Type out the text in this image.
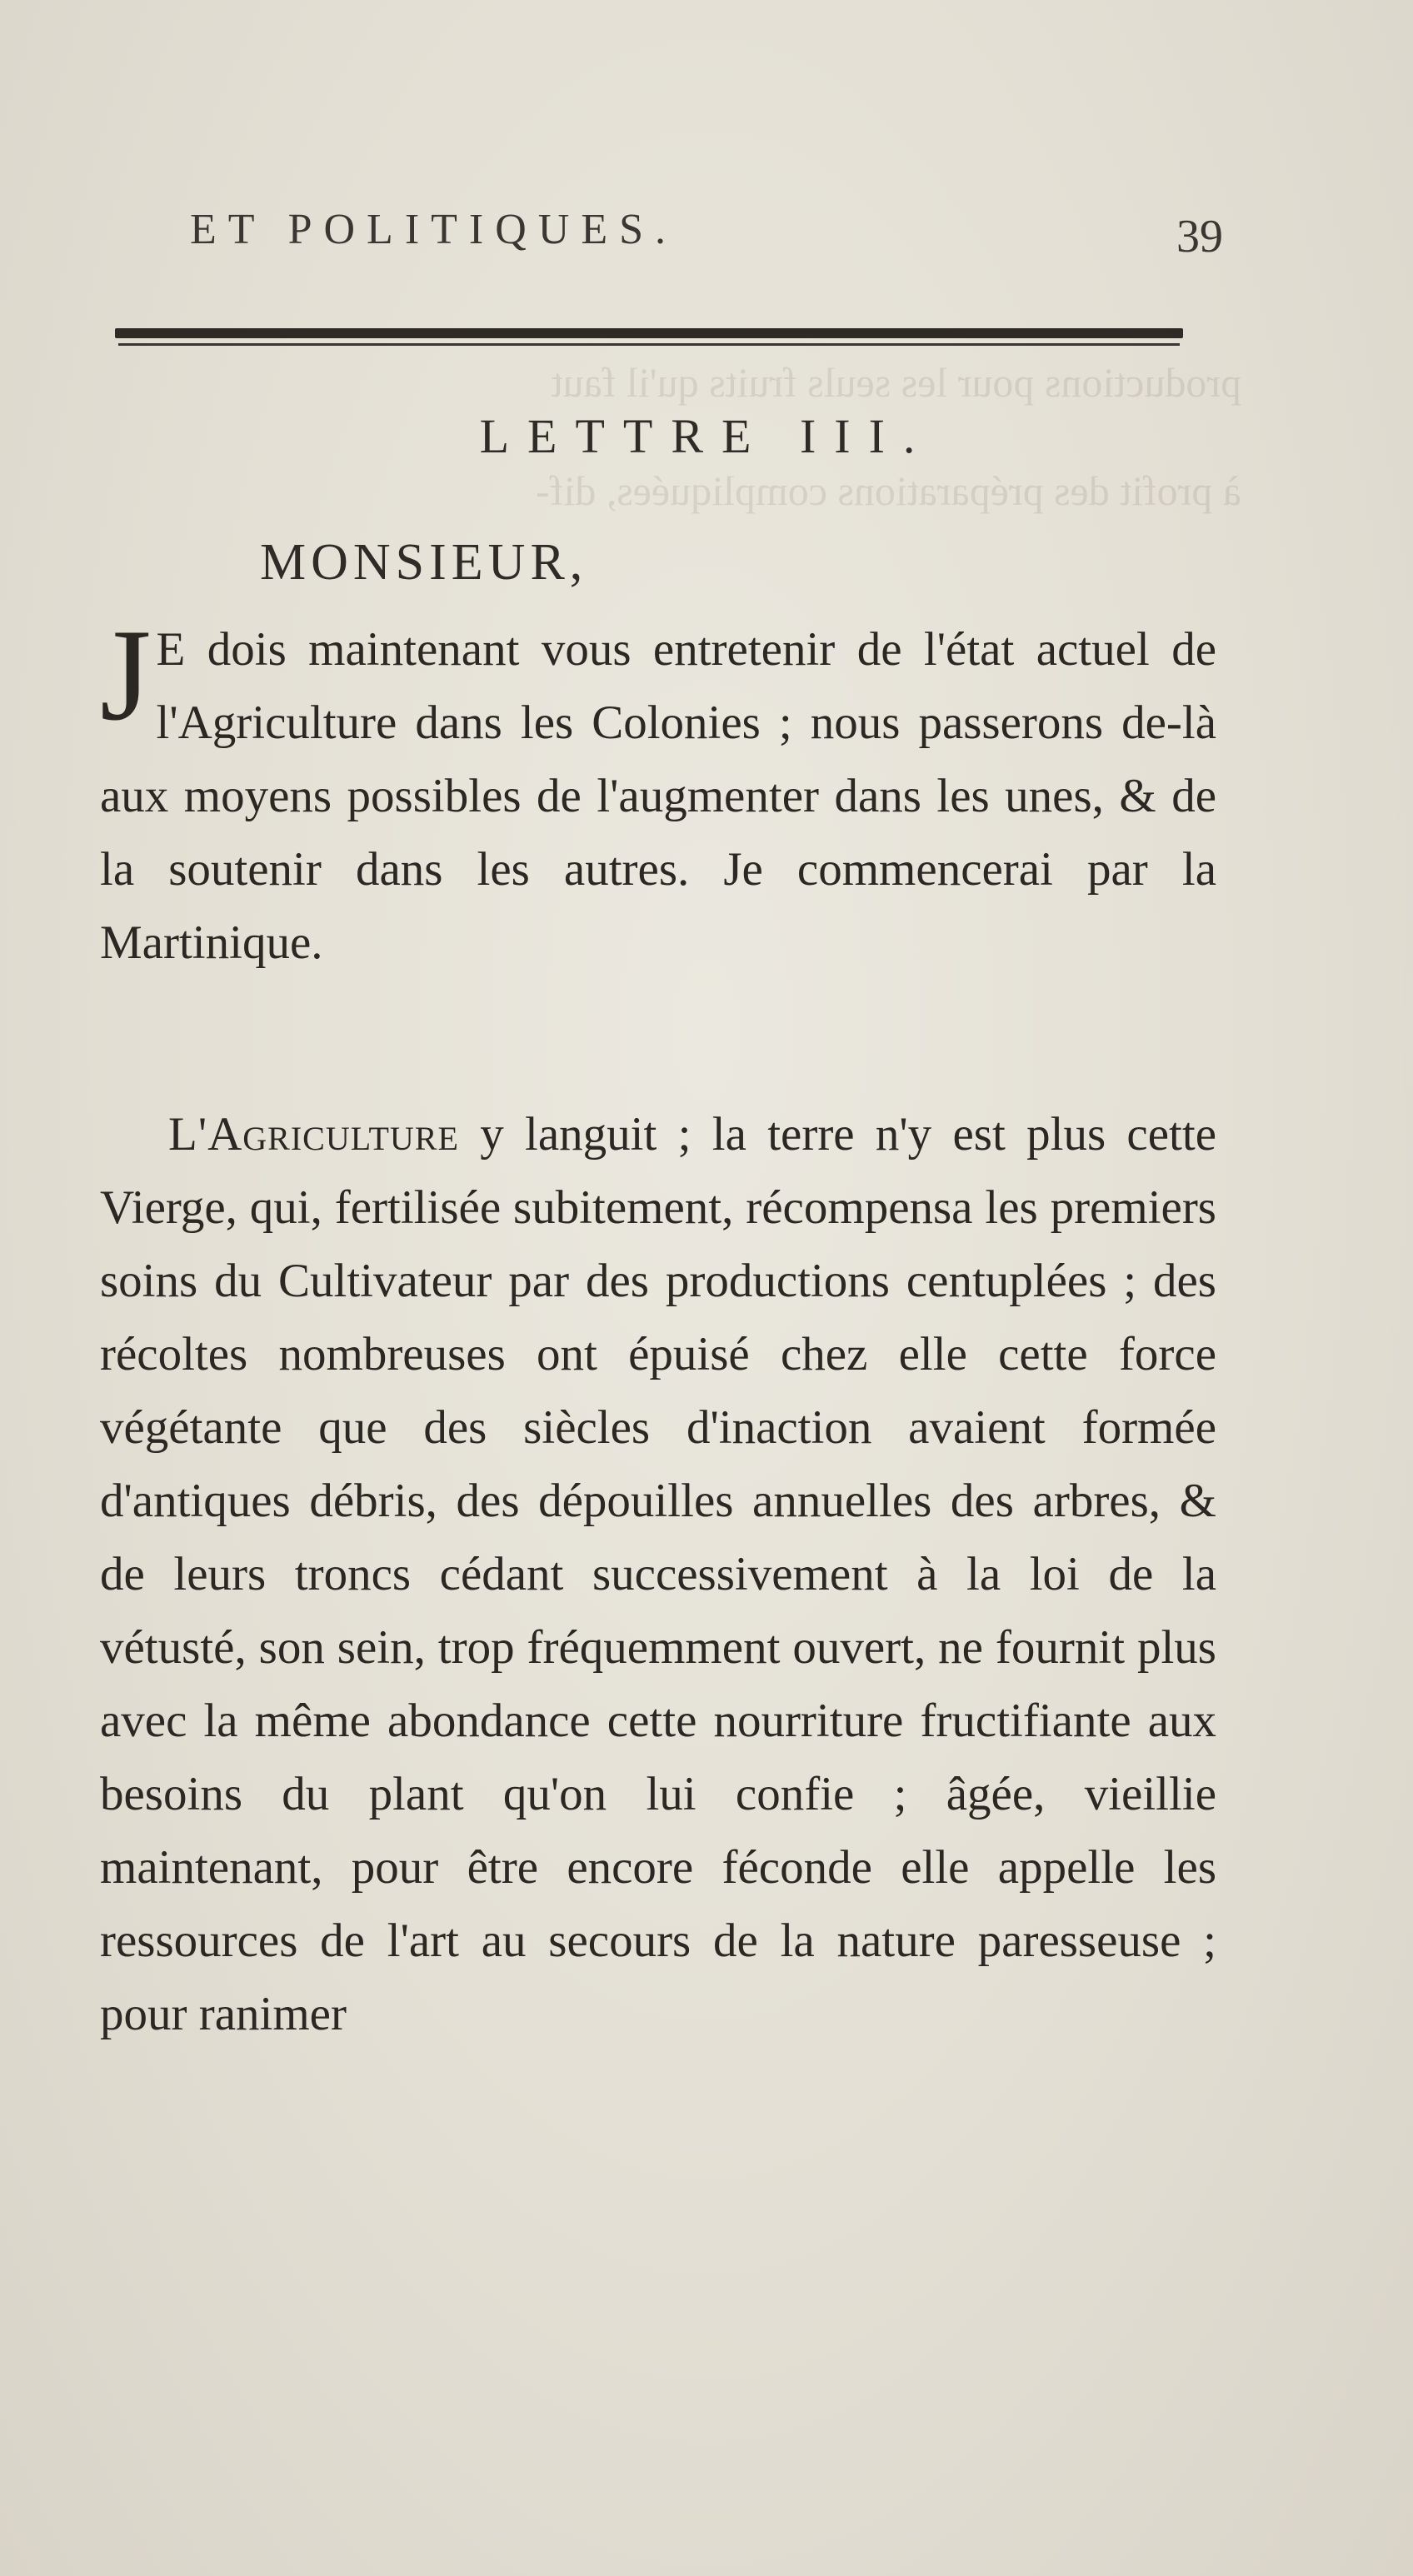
productions pour les seuls fruits qu'il faut
à profit des préparations compliquées, dif-
ET POLITIQUES.	39
LETTRE III.
MONSIEUR,
J E dois maintenant vous entretenir de l'état actuel de l'Agriculture dans les Colonies ; nous passerons de-là aux moyens possibles de l'augmenter dans les unes, & de la soutenir dans les autres. Je commencerai par la Martinique.
L'Agriculture y languit ; la terre n'y est plus cette Vierge, qui, fertilisée subitement, récompensa les premiers soins du Cultivateur par des productions centuplées ; des récoltes nombreuses ont épuisé chez elle cette force végétante que des siècles d'inaction avaient formée d'antiques débris, des dépouilles annuelles des arbres, & de leurs troncs cédant successivement à la loi de la vétusté, son sein, trop fréquemment ouvert, ne fournit plus avec la même abondance cette nourriture fructifiante aux besoins du plant qu'on lui confie ; âgée, vieillie maintenant, pour être encore féconde elle appelle les ressources de l'art au secours de la nature paresseuse ; pour ranimer
